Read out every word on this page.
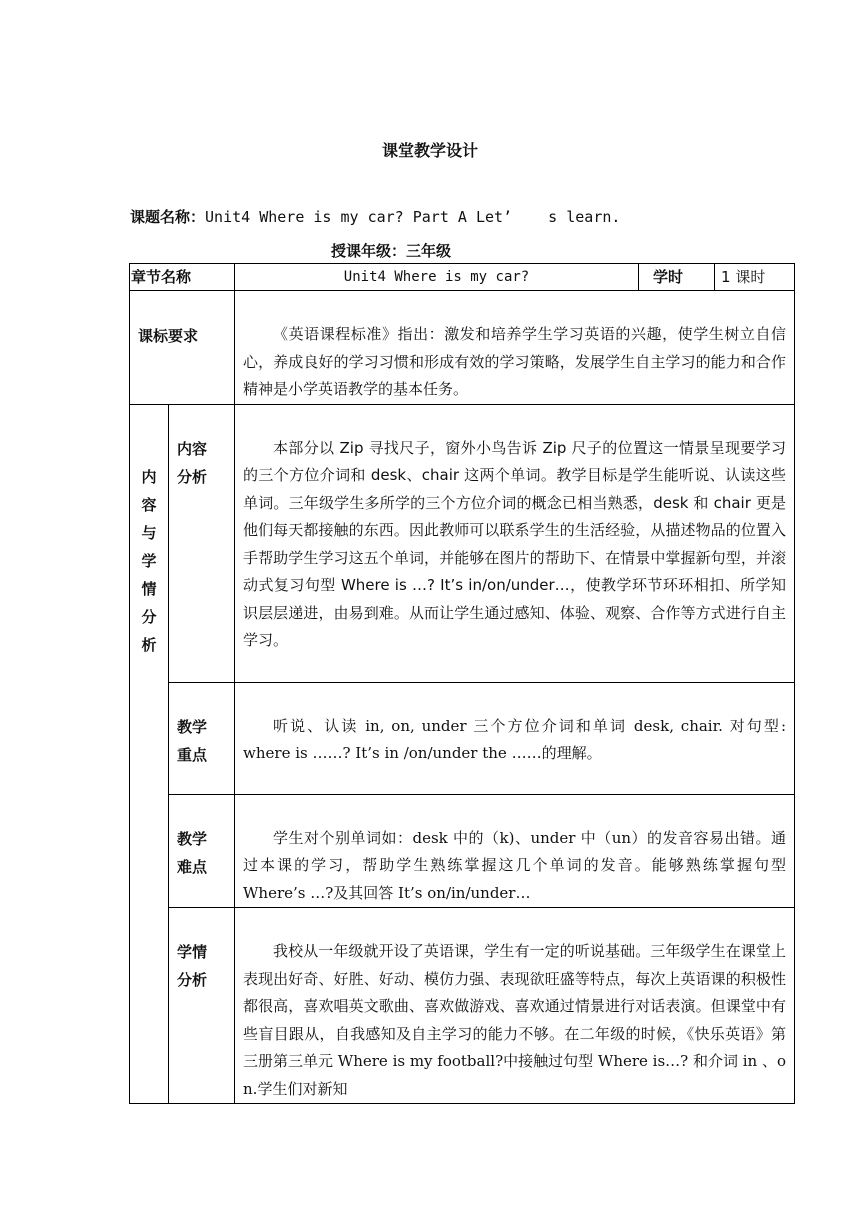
课堂教学设计
课题名称：Unit4 Where is my car? Part A Let’    s learn.
授课年级：三年级
章节名称		Unit4 Where is my car?	学时	1 课时
课标要求		《英语课程标准》指出：激发和培养学生学习英语的兴趣，使学生树立自信心，养成良好的学习习惯和形成有效的学习策略，发展学生自主学习的能力和合作精神是小学英语教学的基本任务。		

内容与学情分析	内容分析	本部分以 Zip 寻找尺子，窗外小鸟告诉 Zip 尺子的位置这一情景呈现要学习的三个方位介词和 desk、chair 这两个单词。教学目标是学生能听说、认读这些单词。三年级学生多所学的三个方位介词的概念已相当熟悉，desk 和 chair 更是他们每天都接触的东西。因此教师可以联系学生的生活经验，从描述物品的位置入手帮助学生学习这五个单词，并能够在图片的帮助下、在情景中掌握新句型，并滚动式复习句型 Where is …? It’s in/on/under…，使教学环节环环相扣、所学知识层层递进，由易到难。从而让学生通过感知、体验、观察、合作等方式进行自主学习。		

	教学重点	听说、认读 in, on, under 三个方位介词和单词 desk, chair. 对句型: where is ……? It’s in /on/under the ……的理解。		

	教学难点	学生对个别单词如：desk 中的（k)、under 中（un）的发音容易出错。通过本课的学习，帮助学生熟练掌握这几个单词的发音。能够熟练掌握句型 Where’s …?及其回答 It’s on/in/under…		

	学情分析	我校从一年级就开设了英语课，学生有一定的听说基础。三年级学生在课堂上表现出好奇、好胜、好动、模仿力强、表现欲旺盛等特点，每次上英语课的积极性都很高，喜欢唱英文歌曲、喜欢做游戏、喜欢通过情景进行对话表演。但课堂中有些盲目跟从，自我感知及自主学习的能力不够。在二年级的时候，《快乐英语》第三册第三单元 Where is my football?中接触过句型 Where is…? 和介词 in 、on.学生们对新知		
